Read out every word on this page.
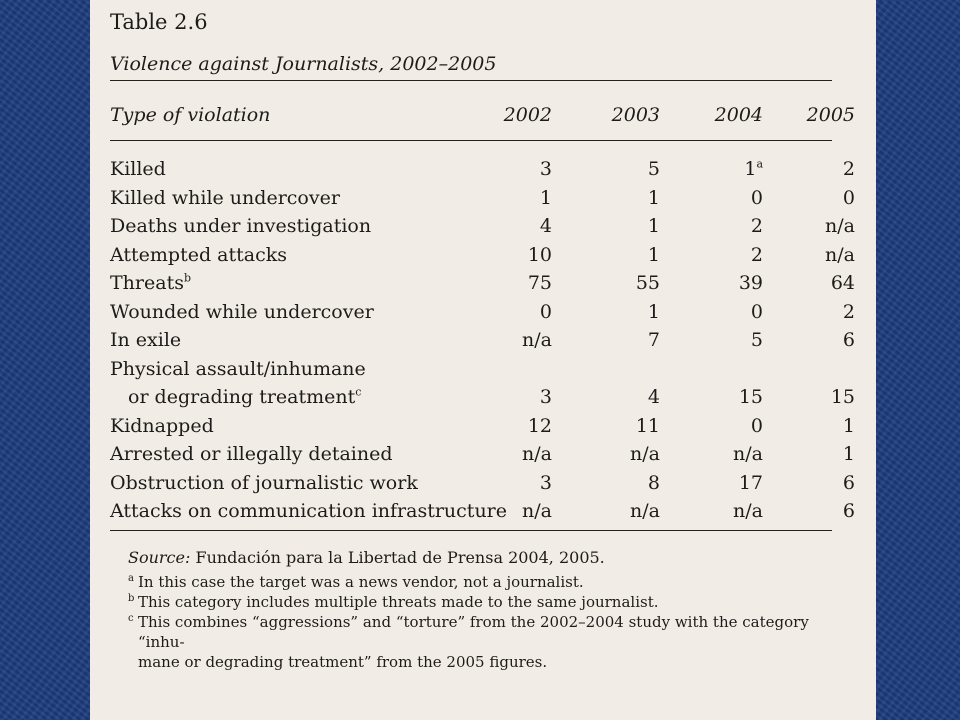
Table 2.6
Violence against Journalists, 2002–2005
Type of violation	2002	2003	2004	2005
Killed	3	5	1$^a$	2
Killed while undercover	1	1	0	0
Deaths under investigation	4	1	2	n/a
Attempted attacks	10	1	2	n/a
Threats$^b$	75	55	39	64
Wounded while undercover	0	1	0	2
In exile	n/a	7	5	6
Physical assault/inhumane
or degrading treatment$^c$	3	4	15	15
Kidnapped	12	11	0	1
Arrested or illegally detained	n/a	n/a	n/a	1
Obstruction of journalistic work	3	8	17	6
Attacks on communication infrastructure n/a	n/a	n/a	6
Source: Fundación para la Libertad de Prensa 2004, 2005.
a In this case the target was a news vendor, not a journalist.
b This category includes multiple threats made to the same journalist.
c This combines “aggressions” and “torture” from the 2002–2004 study with the category “inhu-
mane or degrading treatment” from the 2005 figures.
